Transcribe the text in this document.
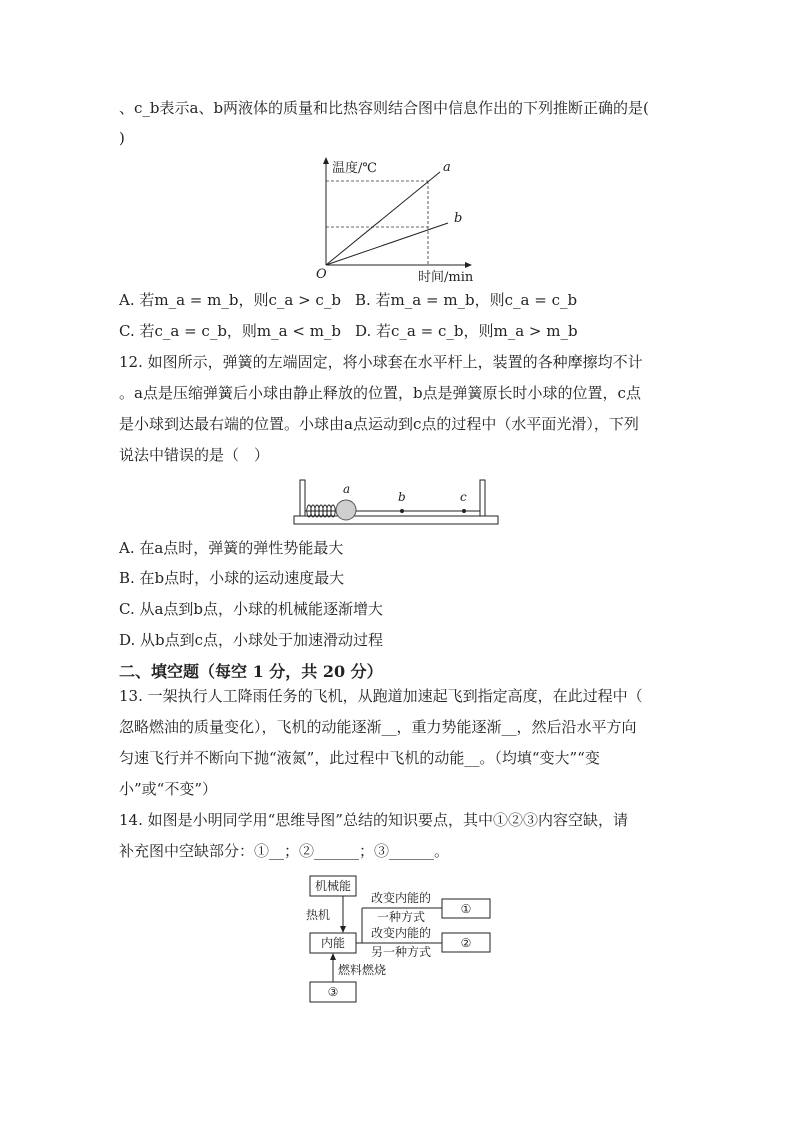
、c_b表示a、b两液体的质量和比热容则结合图中信息作出的下列推断正确的是(
)
温度/℃
时间/min
O
a
b
A. 若m_a = m_b，则c_a > c_b B. 若m_a = m_b，则c_a = c_b
C. 若c_a = c_b，则m_a < m_b D. 若c_a = c_b，则m_a > m_b
12. 如图所示，弹簧的左端固定，将小球套在水平杆上，装置的各种摩擦均不计
。a点是压缩弹簧后小球由静止释放的位置，b点是弹簧原长时小球的位置，c点
是小球到达最右端的位置。小球由a点运动到c点的过程中（水平面光滑），下列
说法中错误的是（　）
a
b	c
A. 在a点时，弹簧的弹性势能最大
B. 在b点时，小球的运动速度最大
C. 从a点到b点，小球的机械能逐渐增大
D. 从b点到c点，小球处于加速滑动过程
二、填空题（每空 1 分，共 20 分）
13. 一架执行人工降雨任务的飞机，从跑道加速起飞到指定高度，在此过程中（
忽略燃油的质量变化），飞机的动能逐渐__，重力势能逐渐__，然后沿水平方向
匀速飞行并不断向下抛“液氮”，此过程中飞机的动能__。（均填“变大”“变
小”或“不变”）
14. 如图是小明同学用“思维导图”总结的知识要点，其中①②③内容空缺，请
补充图中空缺部分：①__；②______；③______。
机械能
内能
③
热机
燃料燃烧
改变内能的
一种方式
改变内能的
另一种方式
①
②
